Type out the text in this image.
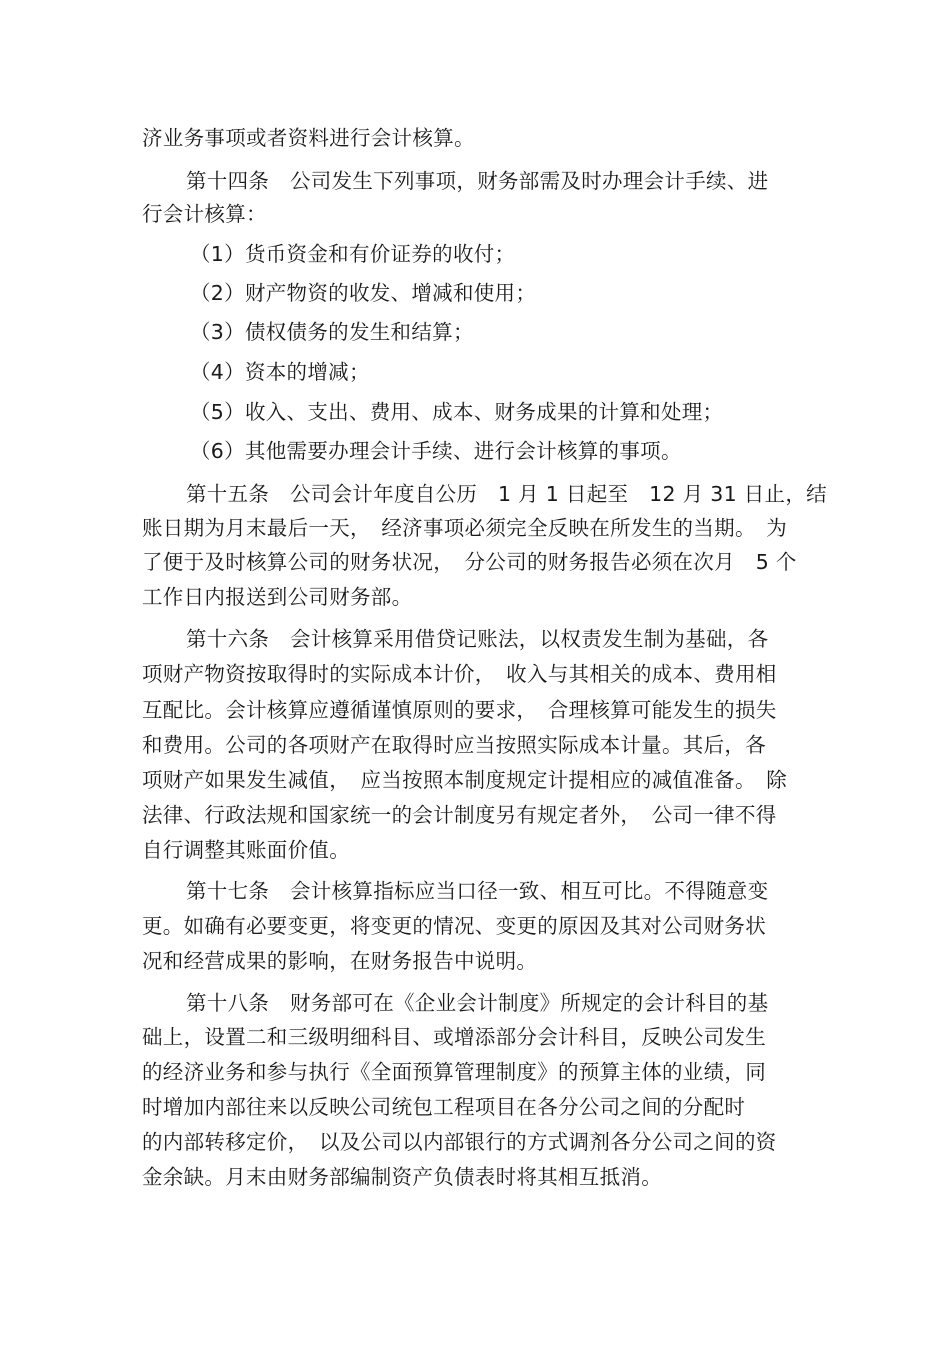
济业务事项或者资料进行会计核算。
第十四条　公司发生下列事项，财务部需及时办理会计手续、进
行会计核算：
（1）货币资金和有价证券的收付；
（2）财产物资的收发、增减和使用；
（3）债权债务的发生和结算；
（4）资本的增减；
（5）收入、支出、费用、成本、财务成果的计算和处理；
（6）其他需要办理会计手续、进行会计核算的事项。
第十五条　公司会计年度自公历　1 月 1 日起至　12 月 31 日止，结
账日期为月末最后一天，　经济事项必须完全反映在所发生的当期。　为
了便于及时核算公司的财务状况，　分公司的财务报告必须在次月　5 个
工作日内报送到公司财务部。
第十六条　会计核算采用借贷记账法，以权责发生制为基础，各
项财产物资按取得时的实际成本计价，　收入与其相关的成本、费用相
互配比。会计核算应遵循谨慎原则的要求，　合理核算可能发生的损失
和费用。公司的各项财产在取得时应当按照实际成本计量。其后，各
项财产如果发生减值，　应当按照本制度规定计提相应的减值准备。　除
法律、行政法规和国家统一的会计制度另有规定者外，　公司一律不得
自行调整其账面价值。
第十七条　会计核算指标应当口径一致、相互可比。不得随意变
更。如确有必要变更，将变更的情况、变更的原因及其对公司财务状
况和经营成果的影响，在财务报告中说明。
第十八条　财务部可在《企业会计制度》所规定的会计科目的基
础上，设置二和三级明细科目、或增添部分会计科目，反映公司发生
的经济业务和参与执行《全面预算管理制度》的预算主体的业绩，同
时增加内部往来以反映公司统包工程项目在各分公司之间的分配时
的内部转移定价，　以及公司以内部银行的方式调剂各分公司之间的资
金余缺。月末由财务部编制资产负债表时将其相互抵消。
